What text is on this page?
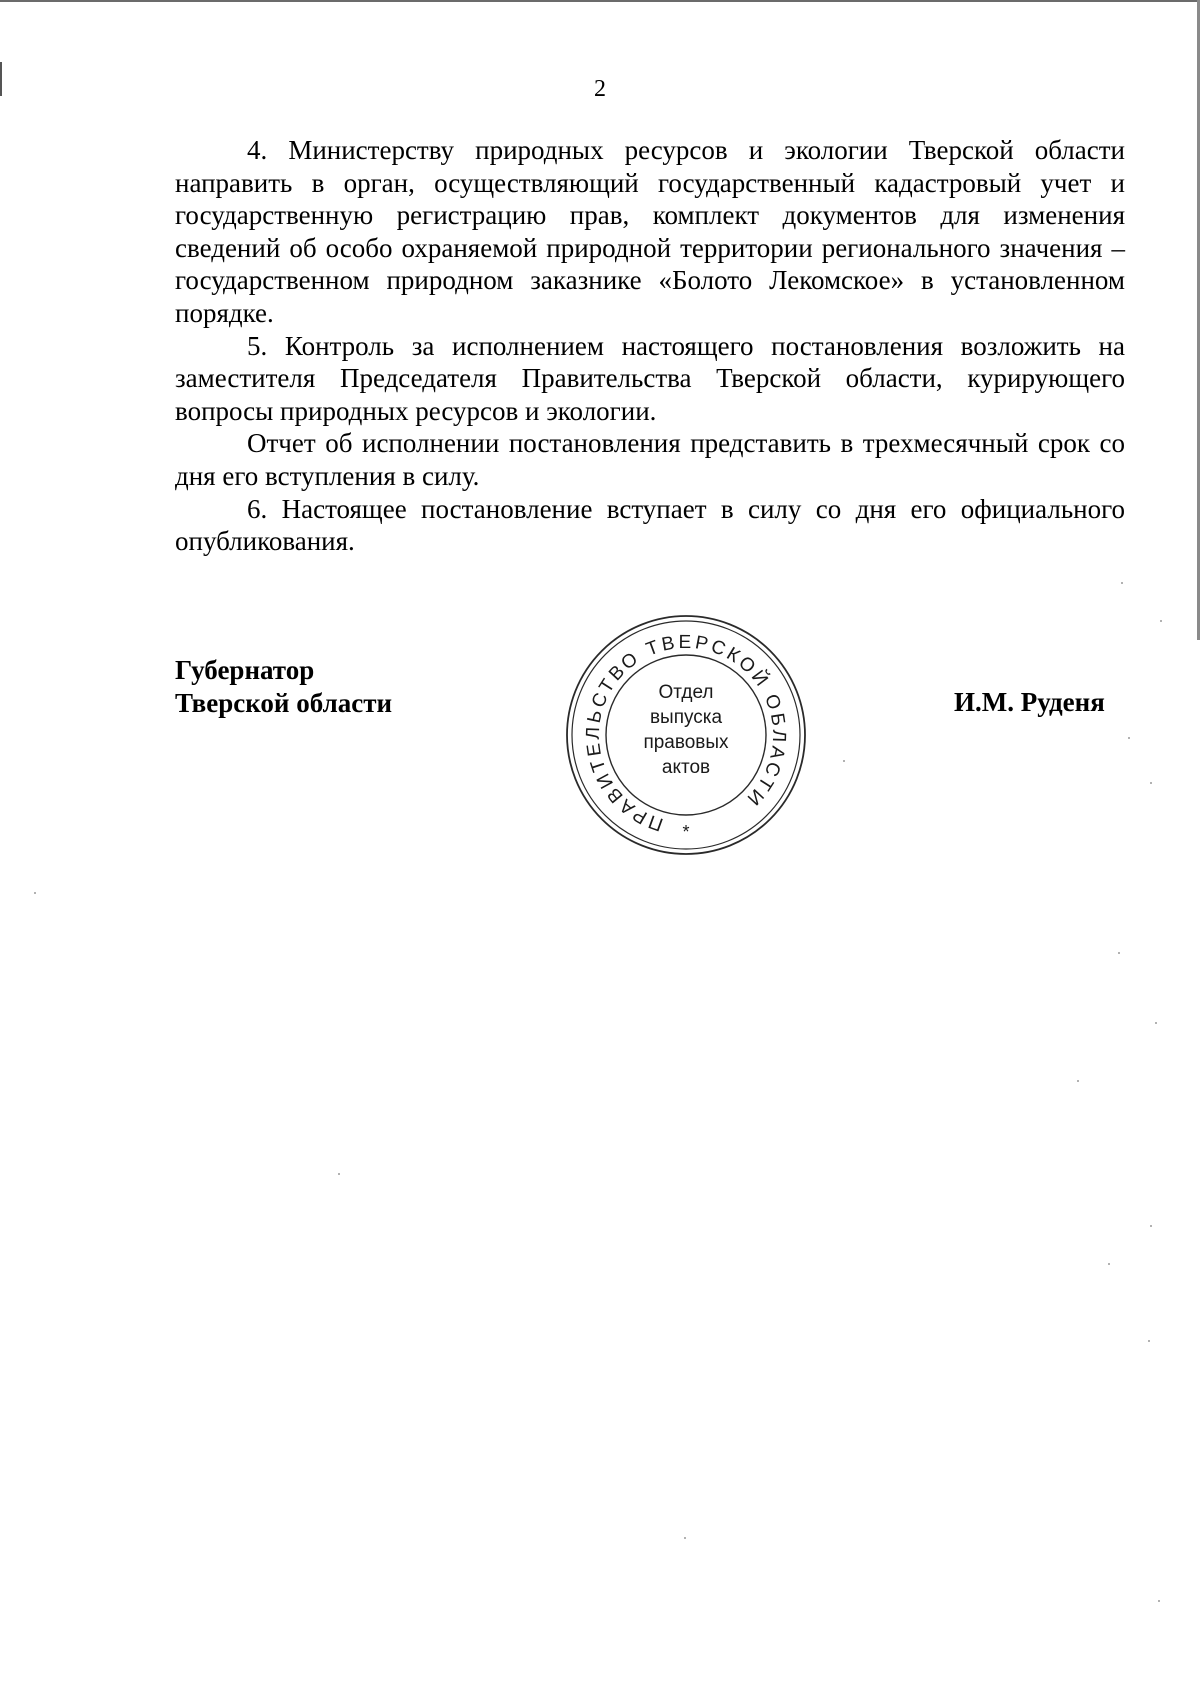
2

4. Министерству природных ресурсов и экологии Тверской области направить в орган, осуществляющий государственный кадастровый учет и государственную регистрацию прав, комплект документов для изменения сведений об особо охраняемой природной территории регионального значения – государственном природном заказнике «Болото Лекомское» в установленном порядке.

5. Контроль за исполнением настоящего постановления возложить на заместителя Председателя Правительства Тверской области, курирующего вопросы природных ресурсов и экологии.

Отчет об исполнении постановления представить в трехмесячный срок со дня его вступления в силу.

6. Настоящее постановление вступает в силу со дня его официального опубликования.

Губернатор
Тверской области	И.М. Руденя
ПРАВИТЕЛЬСТВО ТВЕРСКОЙ ОБЛАСТИ
*
Отдел
выпуска
правовых
актов
